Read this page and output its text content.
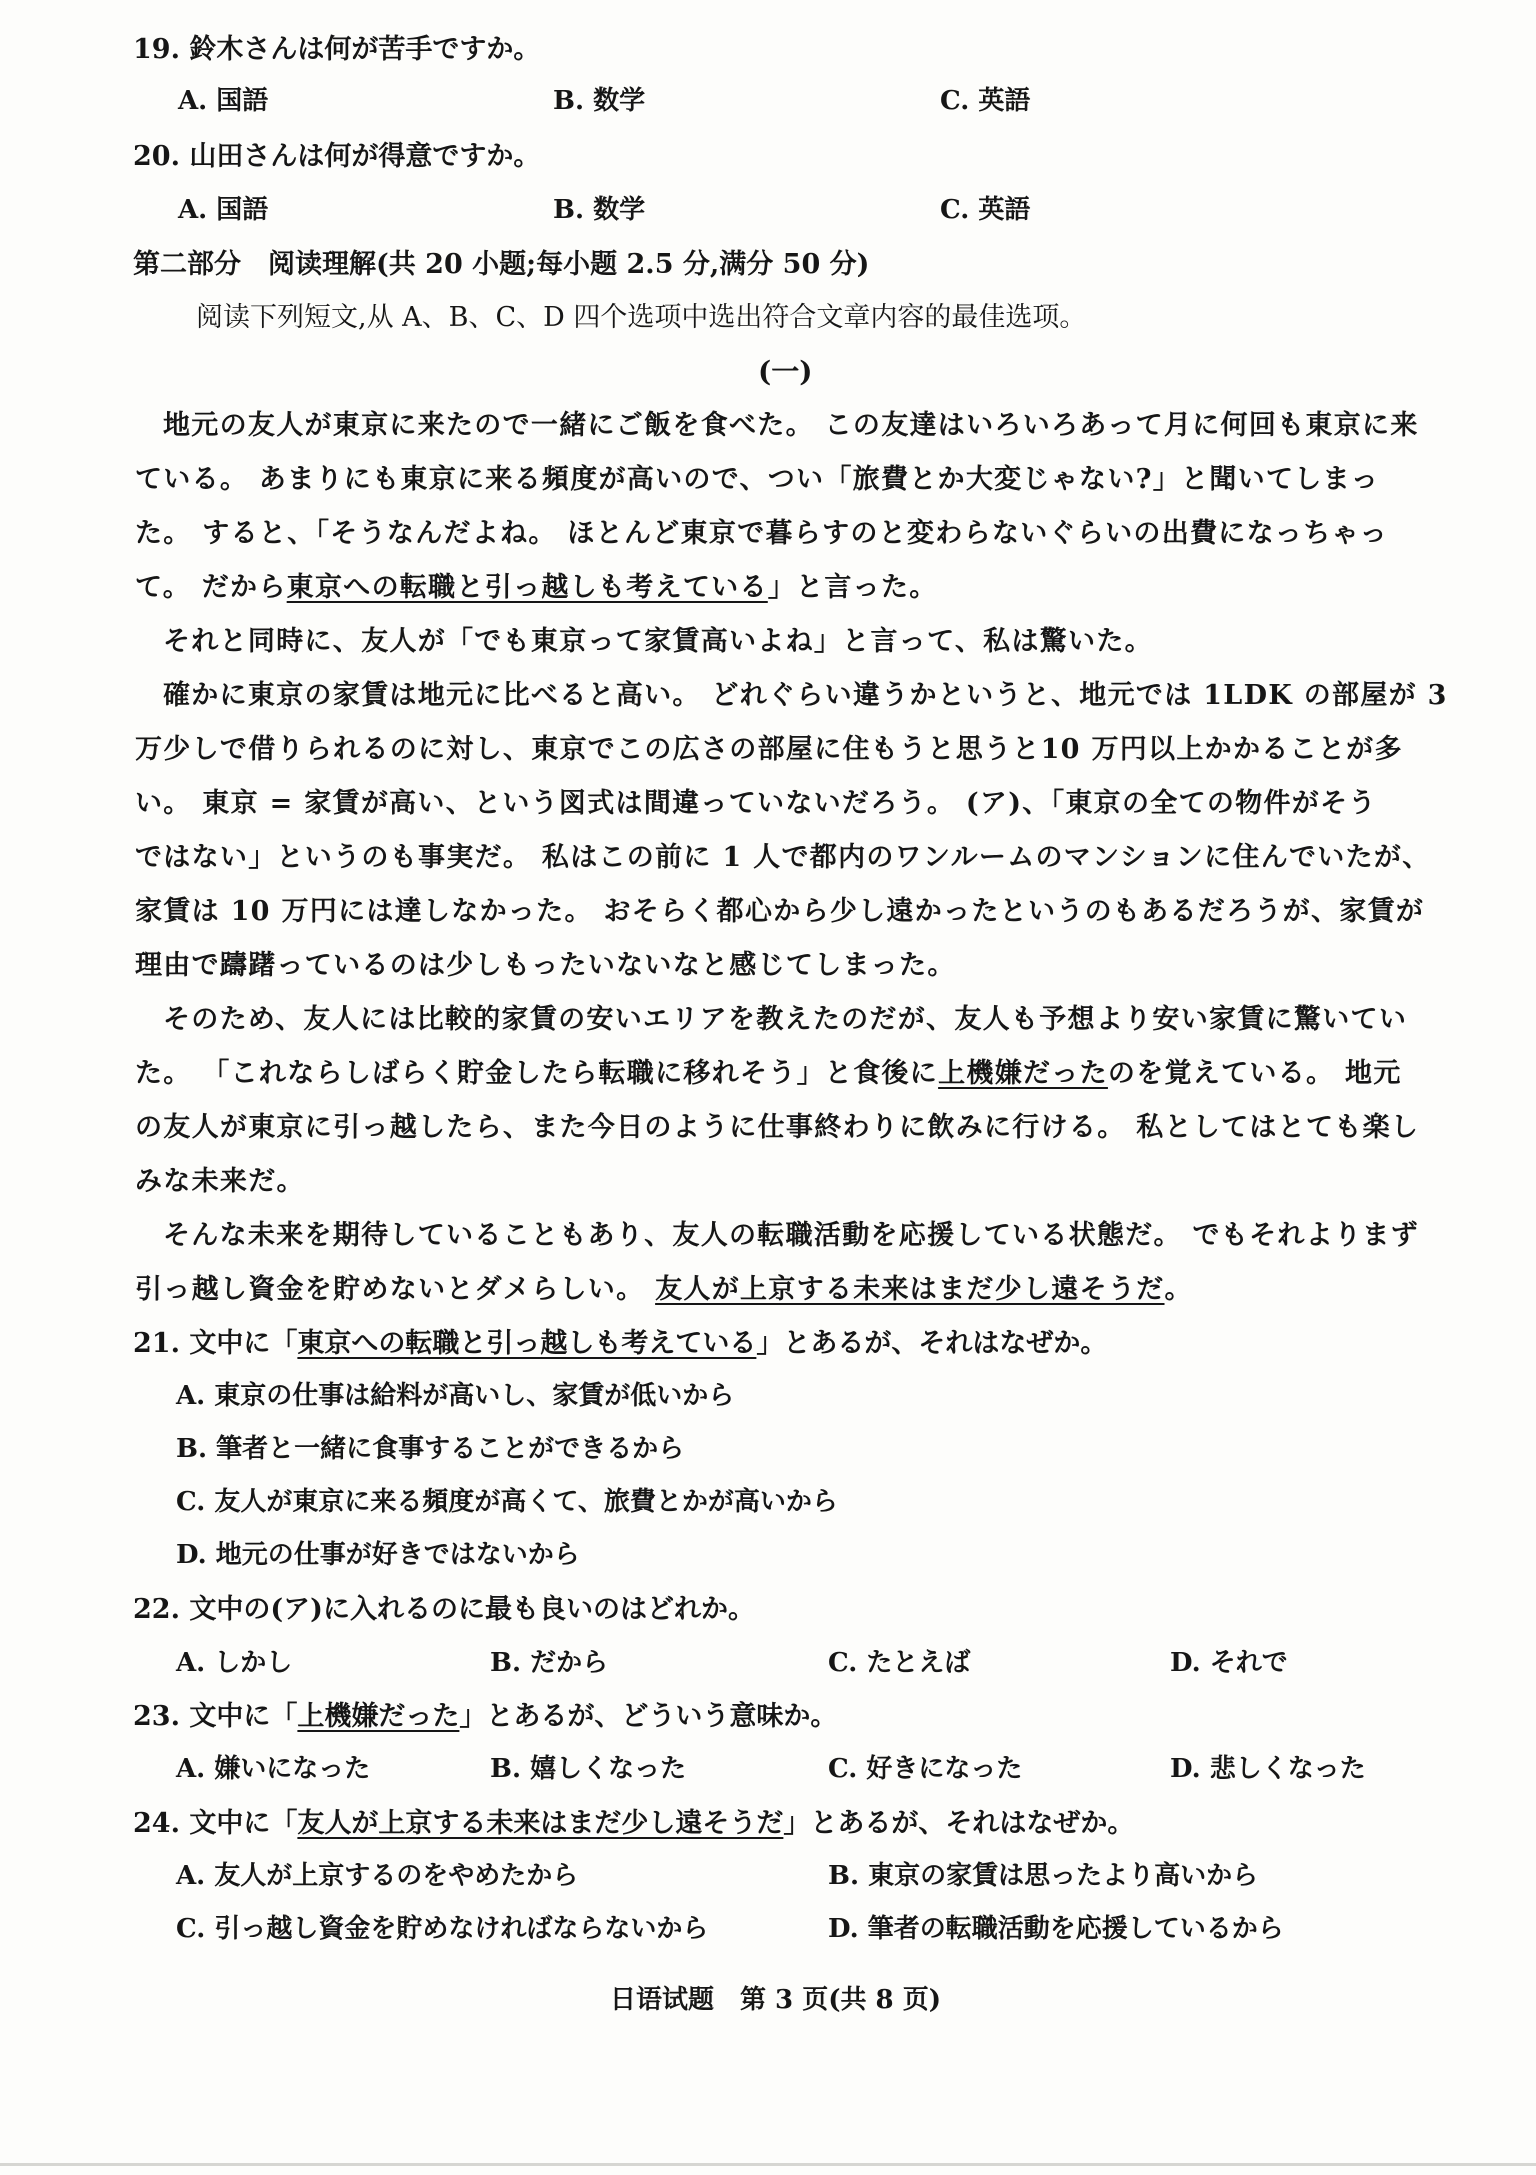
19. 鈴木さんは何が苦手ですか。
A. 国語	B. 数学	C. 英語
20. 山田さんは何が得意ですか。
A. 国語	B. 数学	C. 英語
第二部分　阅读理解(共 20 小题;每小题 2.5 分,满分 50 分)
阅读下列短文,从 A、B、C、D 四个选项中选出符合文章内容的最佳选项。
(一)
地元の友人が東京に来たので一緒にご飯を食べた。 この友達はいろいろあって月に何回も東京に来
ている。 あまりにも東京に来る頻度が高いので、つい「旅費とか大変じゃない?」と聞いてしまっ
た。 すると、「そうなんだよね。 ほとんど東京で暮らすのと変わらないぐらいの出費になっちゃっ
て。 だから東京への転職と引っ越しも考えている」と言った。
それと同時に、友人が「でも東京って家賃高いよね」と言って、私は驚いた。
確かに東京の家賃は地元に比べると高い。 どれぐらい違うかというと、地元では 1LDK の部屋が 3
万少しで借りられるのに対し、東京でこの広さの部屋に住もうと思うと10 万円以上かかることが多
い。 東京 = 家賃が高い、という図式は間違っていないだろう。 (ア)、「東京の全ての物件がそう
ではない」というのも事実だ。 私はこの前に 1 人で都内のワンルームのマンションに住んでいたが、
家賃は 10 万円には達しなかった。 おそらく都心から少し遠かったというのもあるだろうが、家賃が
理由で躊躇っているのは少しもったいないなと感じてしまった。
そのため、友人には比較的家賃の安いエリアを教えたのだが、友人も予想より安い家賃に驚いてい
た。 「これならしばらく貯金したら転職に移れそう」と食後に上機嫌だったのを覚えている。 地元
の友人が東京に引っ越したら、また今日のように仕事終わりに飲みに行ける。 私としてはとても楽し
みな未来だ。
そんな未来を期待していることもあり、友人の転職活動を応援している状態だ。 でもそれよりまず
引っ越し資金を貯めないとダメらしい。 友人が上京する未来はまだ少し遠そうだ。
21. 文中に「東京への転職と引っ越しも考えている」とあるが、それはなぜか。
A. 東京の仕事は給料が高いし、家賃が低いから
B. 筆者と一緒に食事することができるから
C. 友人が東京に来る頻度が高くて、旅費とかが高いから
D. 地元の仕事が好きではないから
22. 文中の(ア)に入れるのに最も良いのはどれか。
A. しかし	B. だから	C. たとえば	D. それで
23. 文中に「上機嫌だった」とあるが、どういう意味か。
A. 嫌いになった	B. 嬉しくなった	C. 好きになった	D. 悲しくなった
24. 文中に「友人が上京する未来はまだ少し遠そうだ」とあるが、それはなぜか。
A. 友人が上京するのをやめたから	B. 東京の家賃は思ったより高いから
C. 引っ越し資金を貯めなければならないから	D. 筆者の転職活動を応援しているから
日语试题　第 3 页(共 8 页)
